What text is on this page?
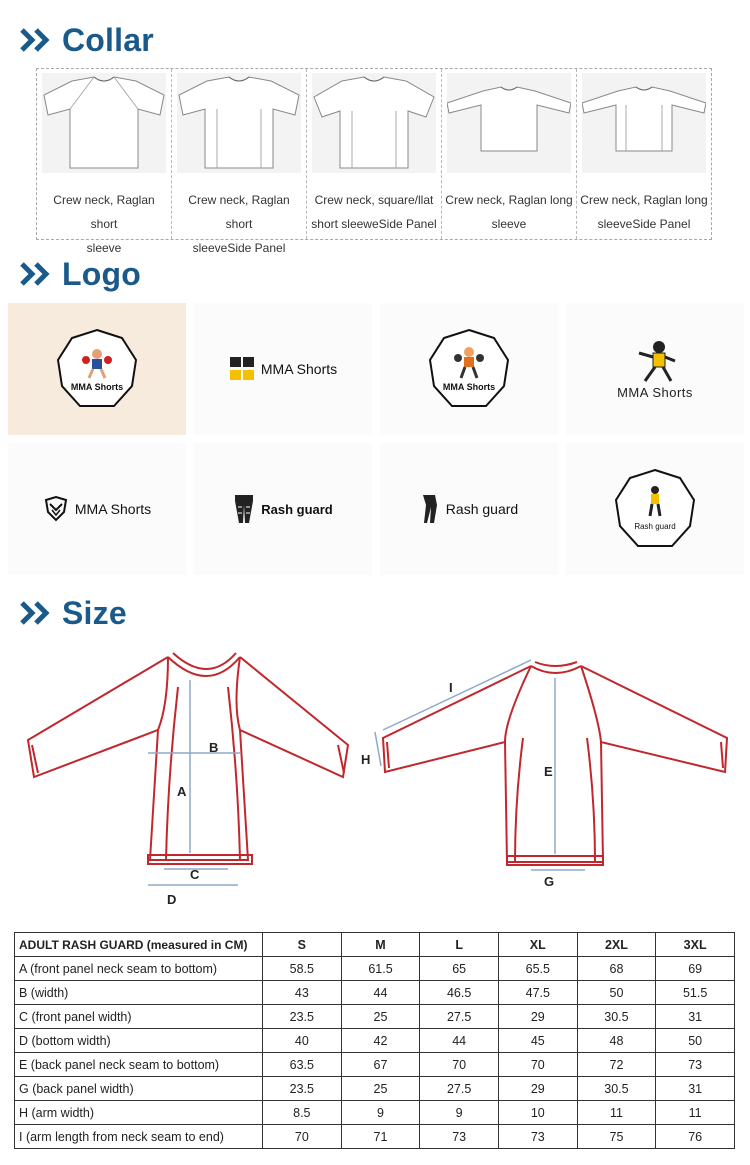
Collar
Crew neck, Raglan short
sleeve
Crew neck, Raglan short
sleeveSide Panel
Crew neck, square/llat
short sleeweSide Panel
Crew neck, Raglan long
sleeve
Crew neck, Raglan long
sleeveSide Panel
Logo
MMA Shorts
MMA Shorts
MMA Shorts	MMA Shorts
MMA Shorts	Rash guard	Rash guard
Rash guard
Size
A
B
C
D
E
G
H
I
ADULT RASH GUARD (measured in CM)	S	M	L	XL	2XL	3XL
A (front panel neck seam to bottom)	58.5	61.5	65	65.5	68	69
B (width)	43	44	46.5	47.5	50	51.5
C (front panel width)	23.5	25	27.5	29	30.5	31
D (bottom width)	40	42	44	45	48	50
E (back panel neck seam to bottom)	63.5	67	70	70	72	73
G (back panel width)	23.5	25	27.5	29	30.5	31
H (arm width)	8.5	9	9	10	11	11
I (arm length from neck seam to end)	70	71	73	73	75	76
